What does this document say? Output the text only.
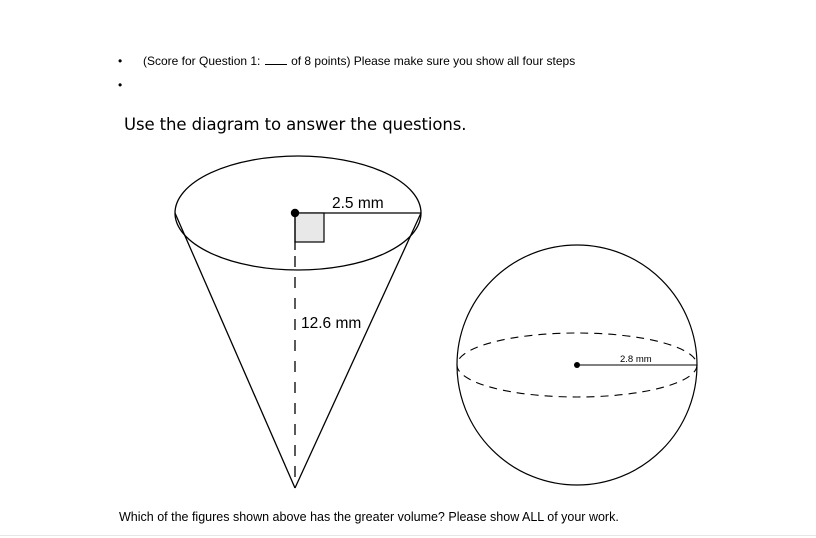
• (Score for Question 1:  of 8 points) Please make sure you show all four steps
•
Use the diagram to answer the questions.
2.5 mm
12.6 mm
2.8 mm

Which of the figures shown above has the greater volume? Please show ALL of your work.
